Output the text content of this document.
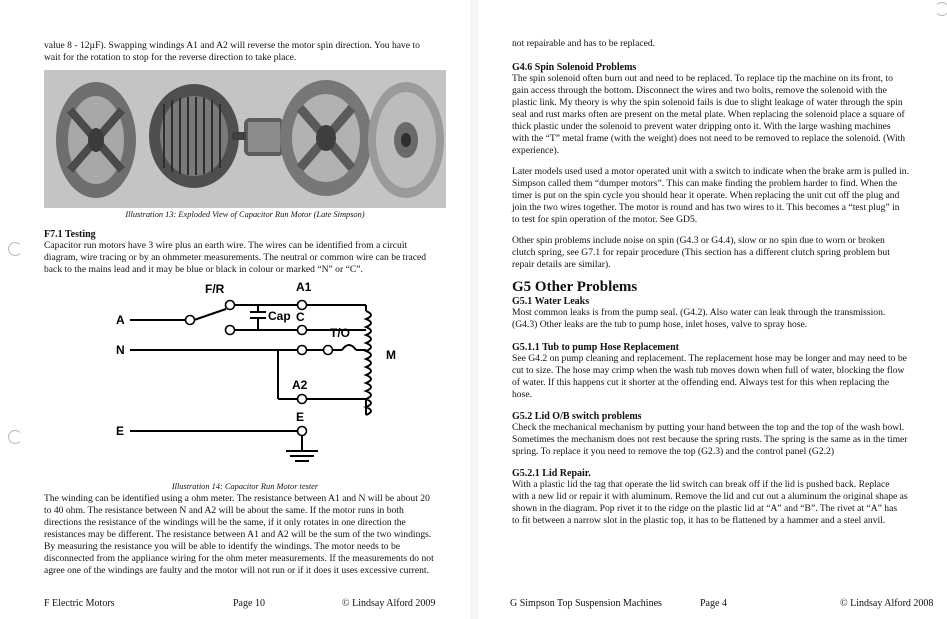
value 8 - 12µF). Swapping windings A1 and A2 will reverse the motor spin direction. You have to

wait for the rotation to stop for the reverse direction to take place.

Illustration 13: Exploded View of Capacitor Run Motor (Late Simpson)

F7.1 Testing

Capacitor run motors have 3 wire plus an earth wire. The wires can be identified from a circuit

diagram, wire tracing or by an ohmmeter measurements. The neutral or common wire can be traced

back to the mains lead and it may be blue or black in colour or marked “N” or “C”.

F/R	A1
Cap C
T/O
A
N	M
A2
E
E

Illustration 14: Capacitor Run Motor tester

The winding can be identified using a ohm meter. The resistance between A1 and N will be about 20

to 40 ohm. The resistance between N and A2 will be about the same. If the motor runs in both

directions the resistance of the windings will be the same, if it only rotates in one direction the

resistances may be different. The resistance between A1 and A2 will be the sum of the two windings.

By measuring the resistance you will be able to identify the windings. The motor needs to be

disconnected from the appliance wiring for the ohm meter measurements. If the measurements do not

agree one of the windings are faulty and the motor will not run or if it does it uses excessive current.

F Electric Motors	Page 10	© Lindsay Alford 2009

not repairable and has to be replaced.

G4.6 Spin Solenoid Problems

The spin solenoid often burn out and need to be replaced. To replace tip the machine on its front, to

gain access through the bottom. Disconnect the wires and two bolts, remove the solenoid with the

plastic link. My theory is why the spin solenoid fails is due to slight leakage of water through the spin

seal and rust marks often are present on the metal plate. When replacing the solenoid place a square of

thick plastic under the solenoid to prevent water dripping onto it. With the large washing machines

with the “T” metal frame (with the weight) does not need to be removed to replace the solenoid. (With

experience).

Later models used used a motor operated unit with a switch to indicate when the brake arm is pulled in.

Simpson called them “dumper motors”. This can make finding the problem harder to find. When the

timer is put on the spin cycle you should hear it operate. When replacing the unit cut off the plug and

join the two wires together. The motor is round and has two wires to it. This becomes a “test plug” in

to test for spin operation of the motor. See GD5.

Other spin problems include noise on spin (G4.3 or G4.4), slow or no spin due to worn or broken

clutch spring, see G7.1 for repair procedure (This section has a different clutch spring problem but

repair details are similar).

G5 Other Problems

G5.1 Water Leaks

Most common leaks is from the pump seal. (G4.2). Also water can leak through the transmission.

(G4.3) Other leaks are the tub to pump hose, inlet hoses, valve to spray hose.

G5.1.1 Tub to pump Hose Replacement

See G4.2 on pump cleaning and replacement. The replacement hose may be longer and may need to be

cut to size. The hose may crimp when the wash tub moves down when full of water, blocking the flow

of water. If this happens cut it shorter at the offending end. Always test for this when replacing the

hose.

G5.2 Lid O/B switch problems

Check the mechanical mechanism by putting your hand between the top and the top of the wash bowl.

Sometimes the mechanism does not rest because the spring rusts. The spring is the same as in the timer

spring. To replace it you need to remove the top (G2.3) and the control panel (G2.2)

G5.2.1 Lid Repair.

With a plastic lid the tag that operate the lid switch can break off if the lid is pushed back. Replace

with a new lid or repair it with aluminum. Remove the lid and cut out a aluminum the original shape as

shown in the diagram. Pop rivet it to the ridge on the plastic lid at “A” and “B”. The rivet at “A” has

to fit between a narrow slot in the plastic top, it has to be flattened by a hammer and a steel anvil.

G Simpson Top Suspension Machines	Page 4	© Lindsay Alford 2008
